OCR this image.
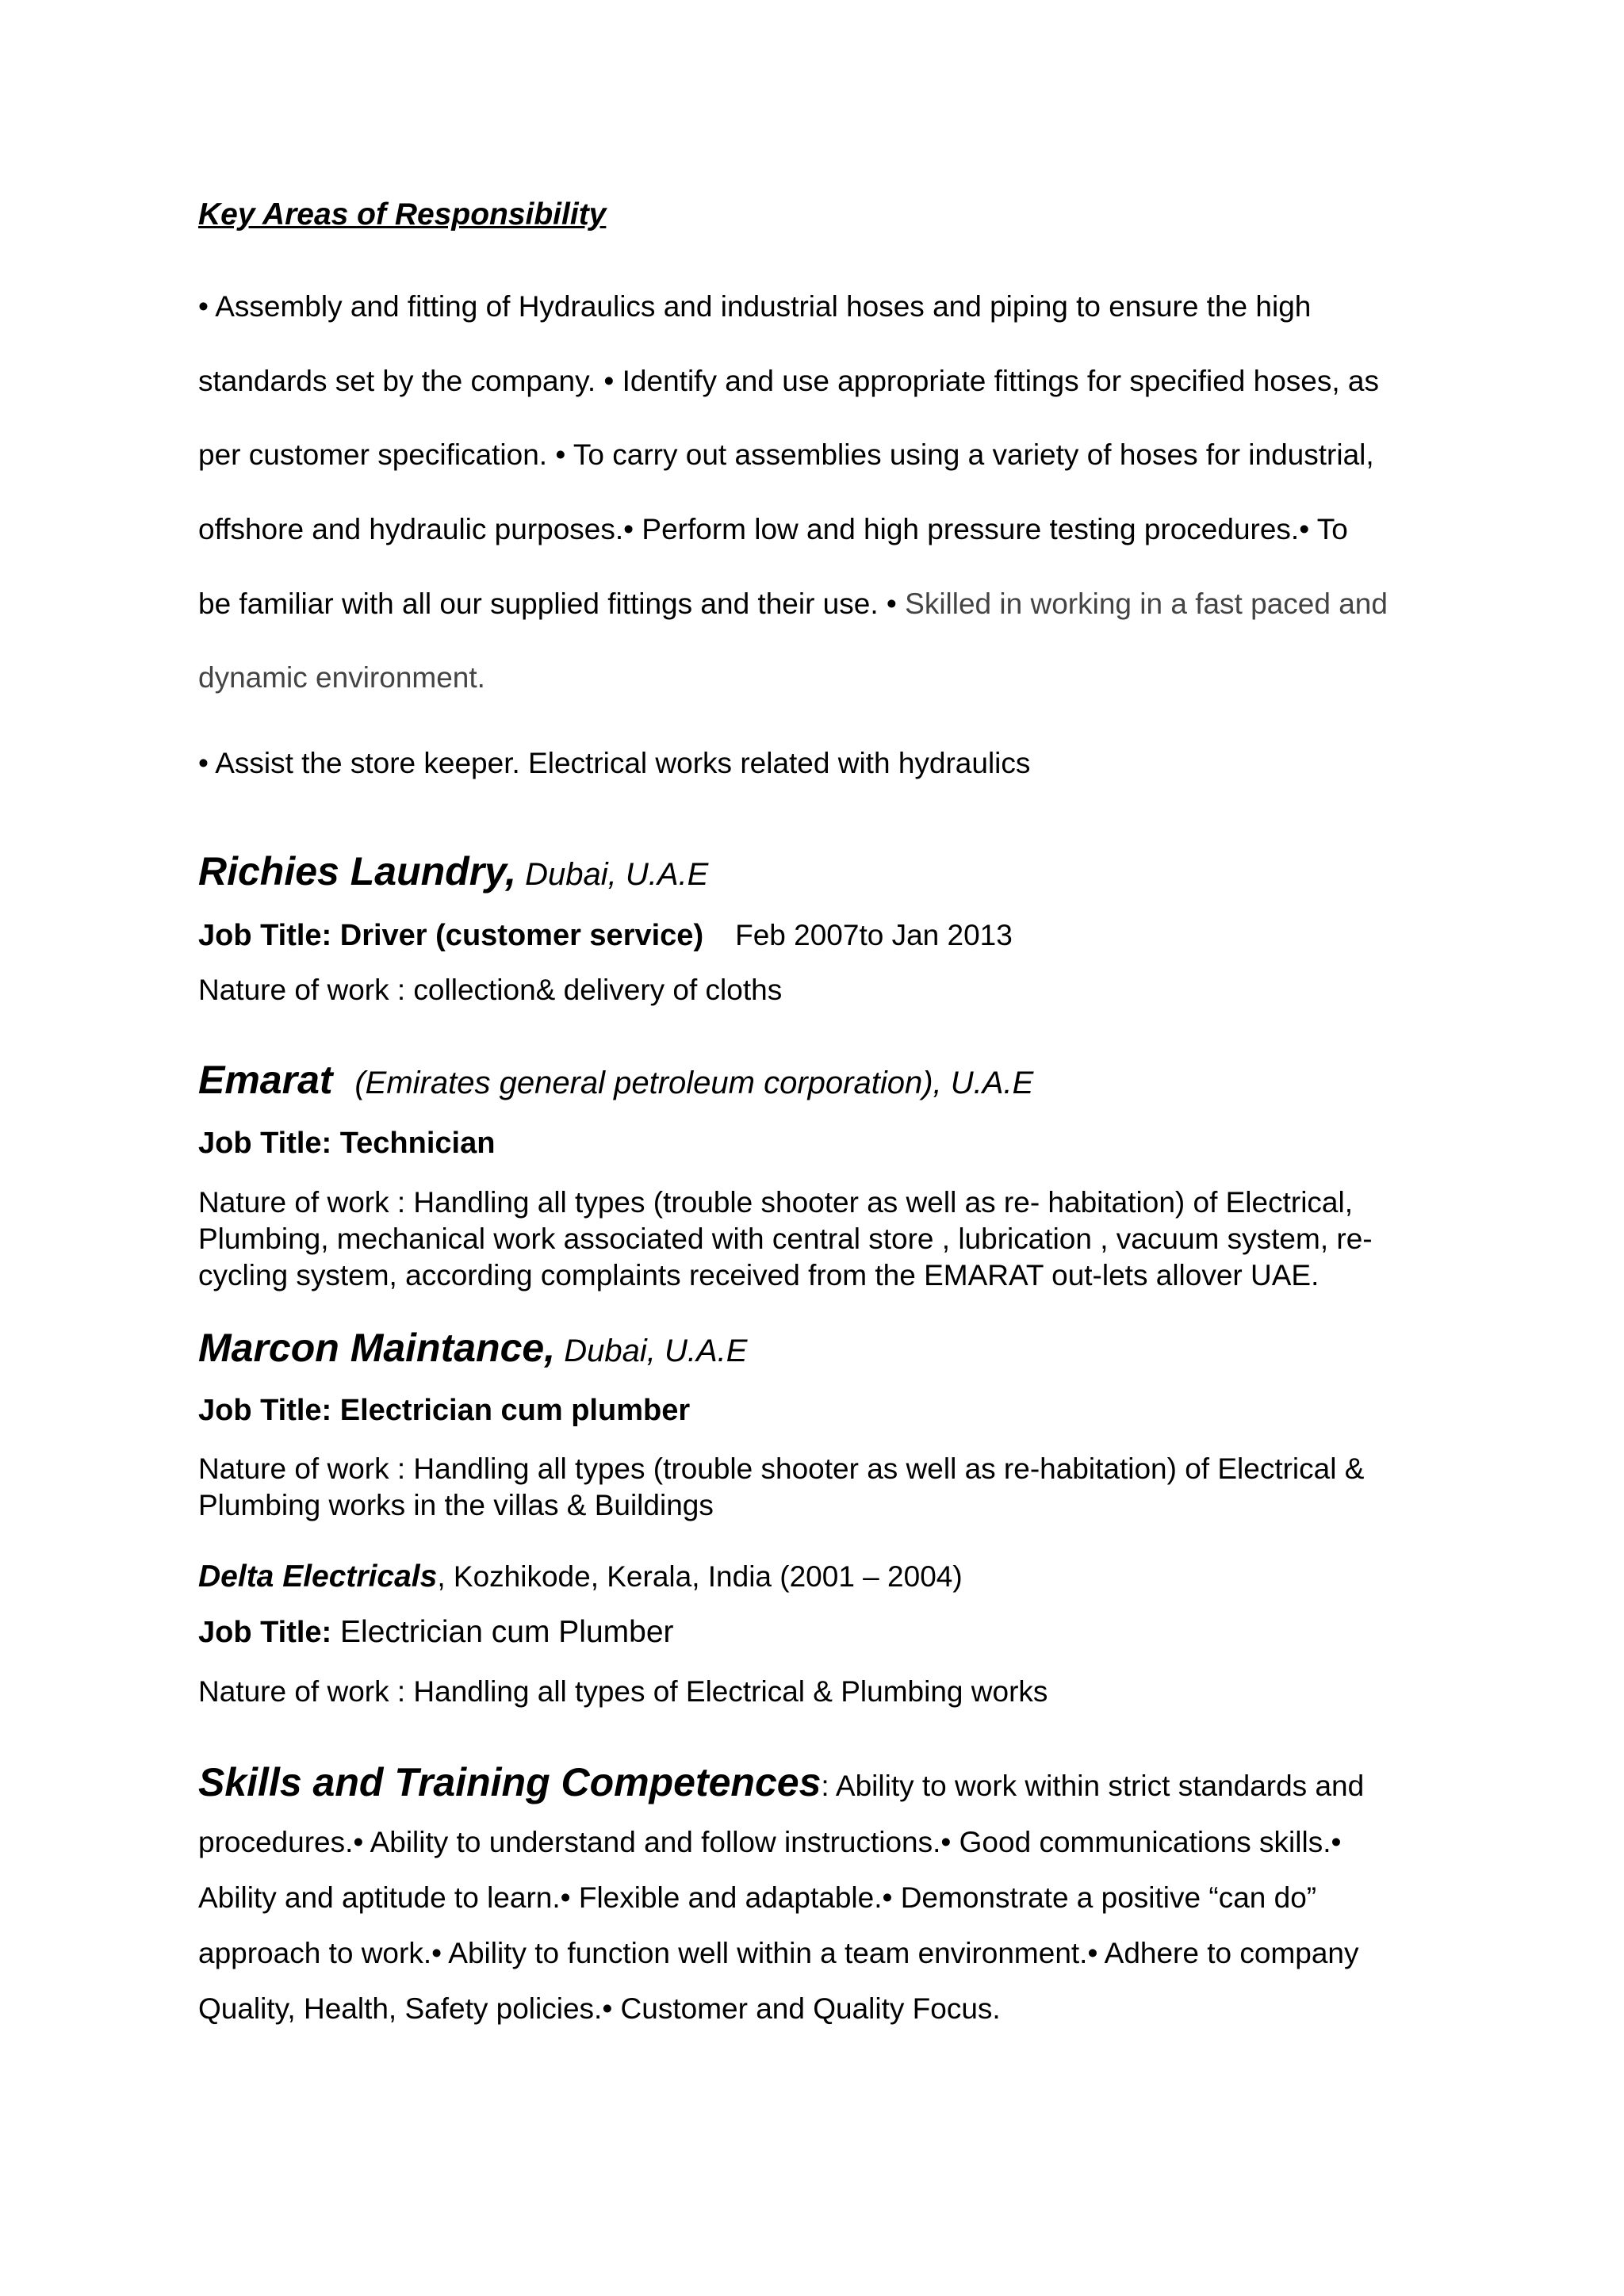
Key Areas of Responsibility
• Assembly and fitting of Hydraulics and industrial hoses and piping to ensure the high
standards set by the company. • Identify and use appropriate fittings for specified hoses, as
per customer specification. • To carry out assemblies using a variety of hoses for industrial,
offshore and hydraulic purposes.• Perform low and high pressure testing procedures.• To
be familiar with all our supplied fittings and their use. • Skilled in working in a fast paced and
dynamic environment.
• Assist the store keeper. Electrical works related with hydraulics
Richies Laundry, Dubai, U.A.E
Job Title: Driver (customer service) Feb 2007to Jan 2013
Nature of work : collection& delivery of cloths
Emarat (Emirates general petroleum corporation), U.A.E
Job Title: Technician
Nature of work : Handling all types (trouble shooter as well as re- habitation) of Electrical,
Plumbing, mechanical work associated with central store , lubrication , vacuum system, re-
cycling system, according complaints received from the EMARAT out-lets allover UAE.
Marcon Maintance, Dubai, U.A.E
Job Title: Electrician cum plumber
Nature of work : Handling all types (trouble shooter as well as re-habitation) of Electrical &
Plumbing works in the villas & Buildings
Delta Electricals, Kozhikode, Kerala, India (2001 – 2004)
Job Title: Electrician cum Plumber
Nature of work : Handling all types of Electrical & Plumbing works
Skills and Training Competences: Ability to work within strict standards and
procedures.• Ability to understand and follow instructions.• Good communications skills.•
Ability and aptitude to learn.• Flexible and adaptable.• Demonstrate a positive “can do”
approach to work.• Ability to function well within a team environment.• Adhere to company
Quality, Health, Safety policies.• Customer and Quality Focus.
